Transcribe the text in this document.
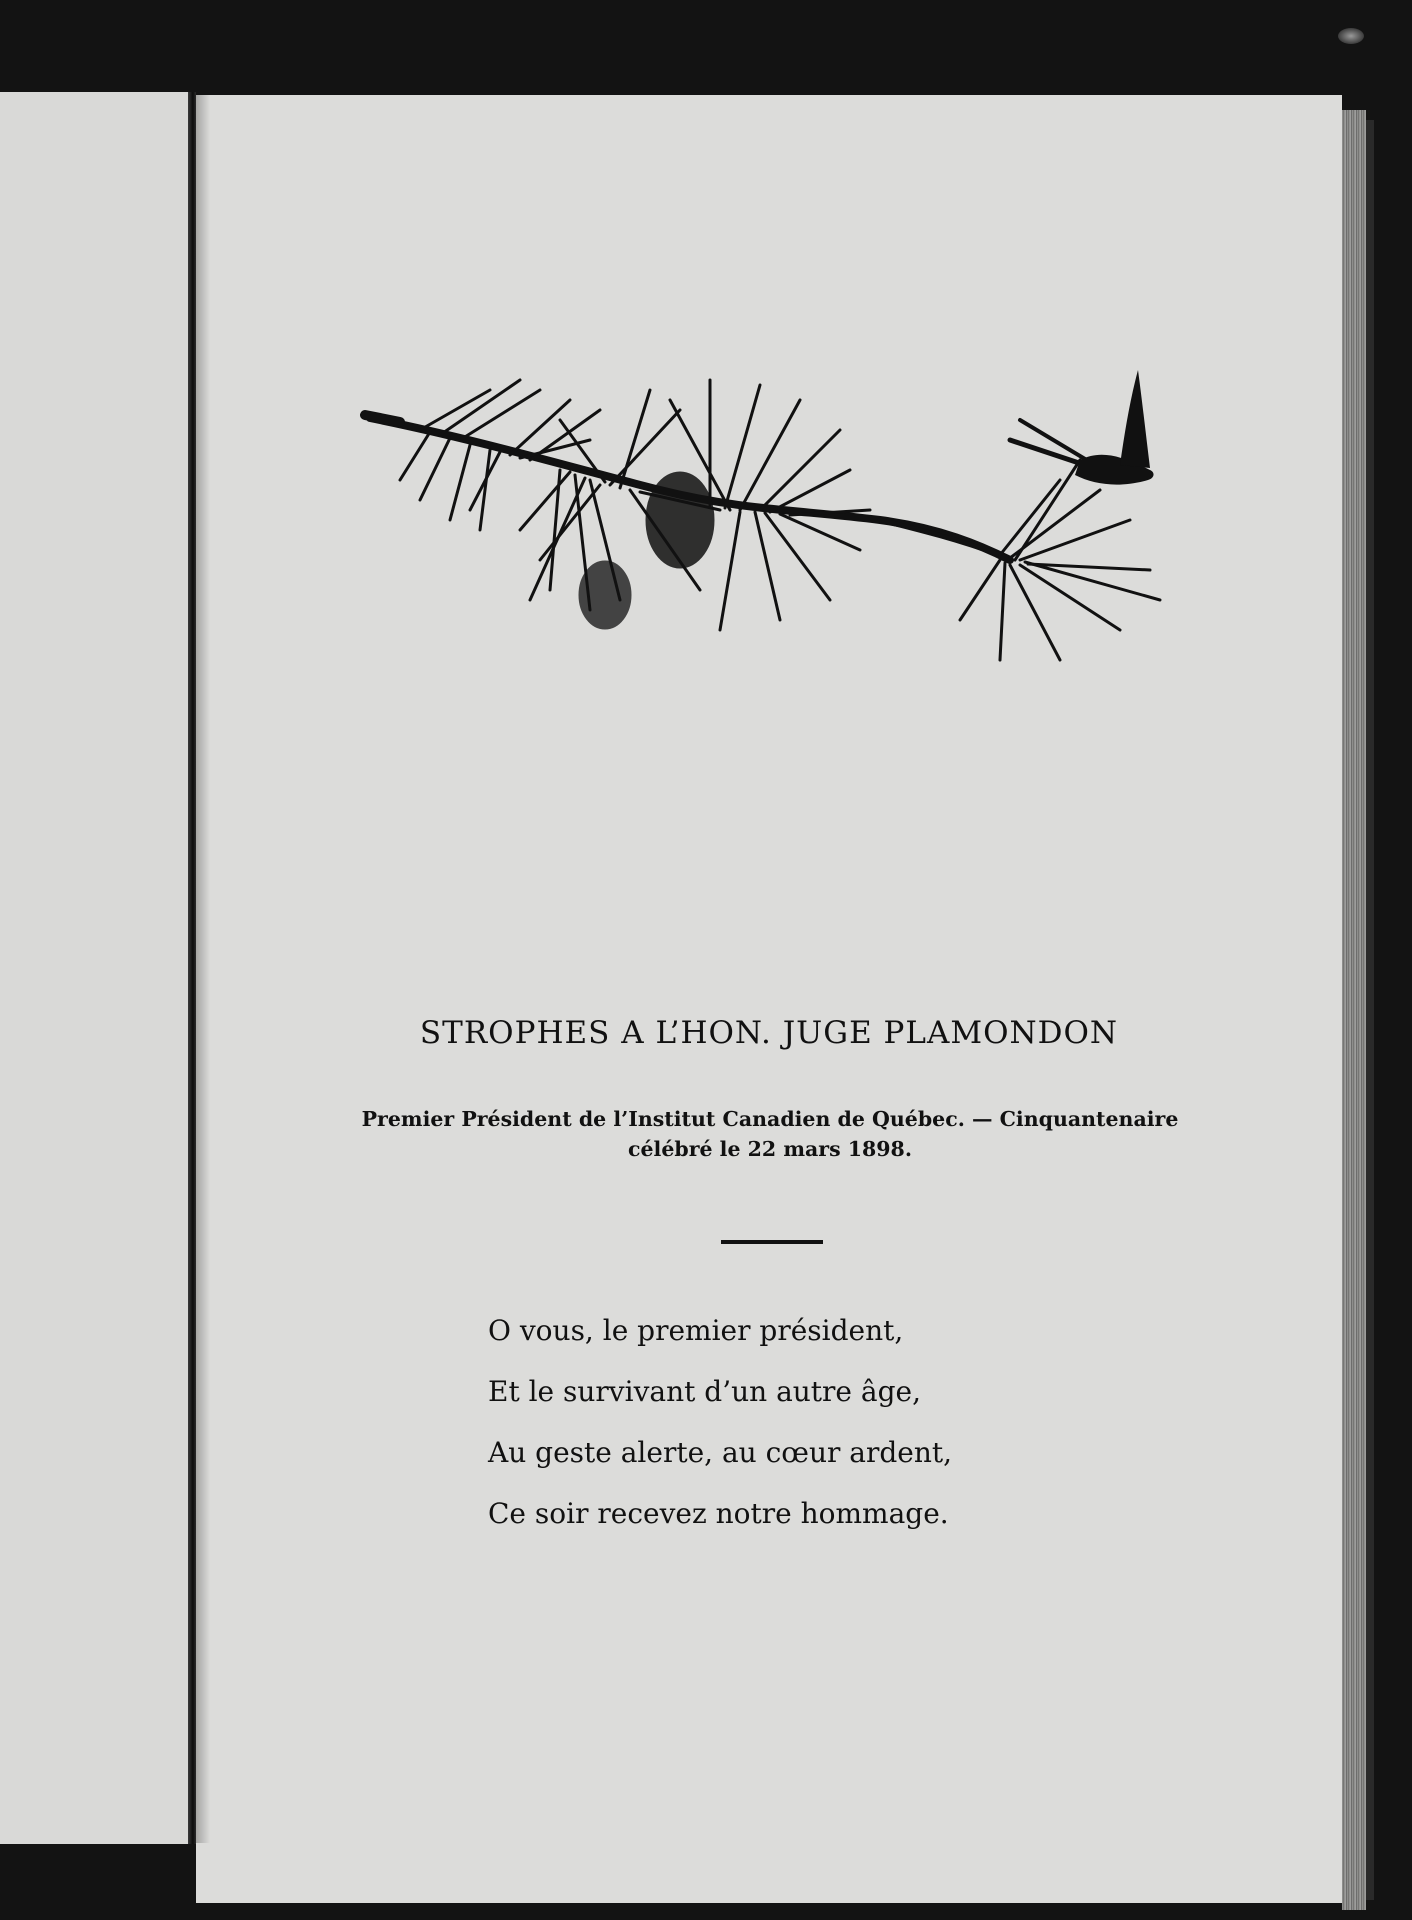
STROPHES A L’HON. JUGE PLAMONDON

Premier Président de l’Institut Canadien de Québec. — Cinquantenaire
célébré le 22 mars 1898.

O vous, le premier président,
Et le survivant d’un autre âge,
Au geste alerte, au cœur ardent,
Ce soir recevez notre hommage.
